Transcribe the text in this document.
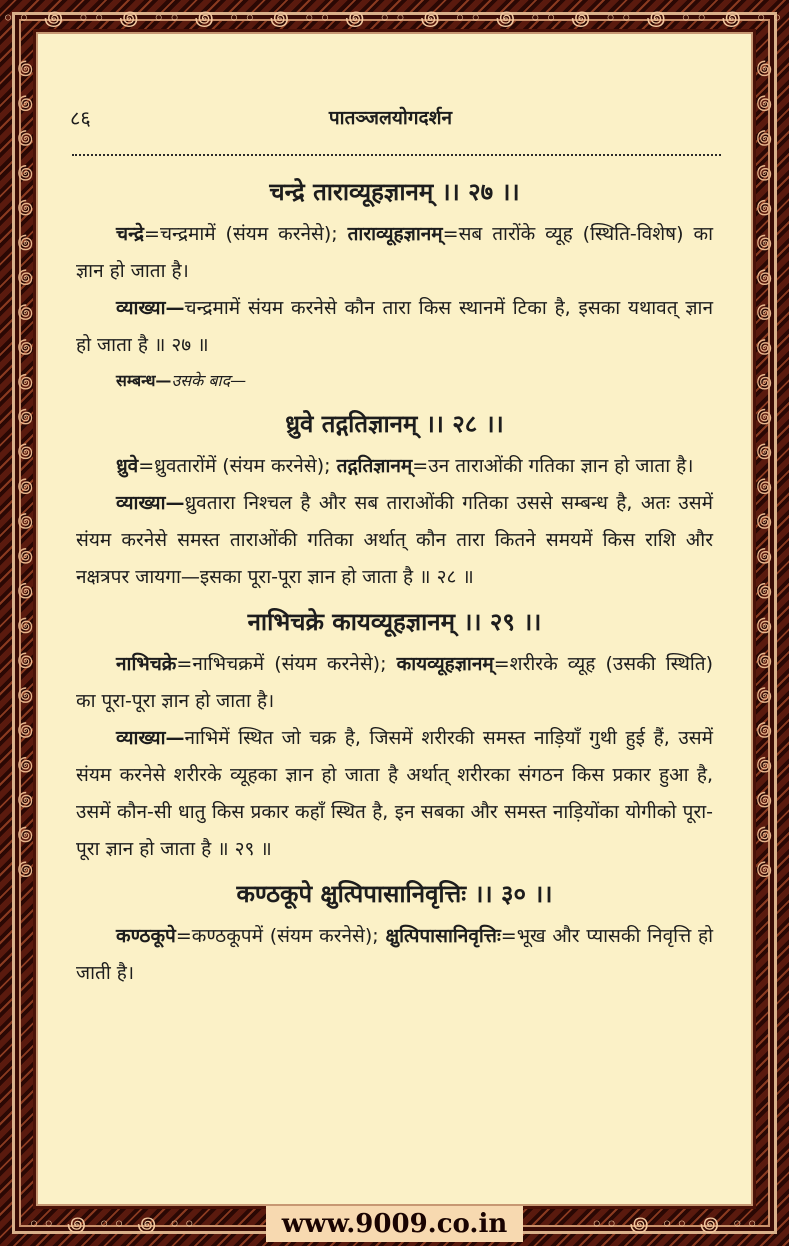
◦◦ ꩜ ◦◦ ꩜ ◦◦ ꩜ ◦◦ ꩜ ◦◦ ꩜ ◦◦ ꩜ ◦◦ ꩜ ◦◦ ꩜ ◦◦ ꩜ ◦◦ ꩜ ◦◦
꩜ ꩜ ꩜ ꩜ ꩜ ꩜ ꩜ ꩜ ꩜ ꩜ ꩜ ꩜ ꩜ ꩜ ꩜ ꩜ ꩜ ꩜ ꩜ ꩜ ꩜ ꩜ ꩜ ꩜	꩜ ꩜ ꩜ ꩜ ꩜ ꩜ ꩜ ꩜ ꩜ ꩜ ꩜ ꩜ ꩜ ꩜ ꩜ ꩜ ꩜ ꩜ ꩜ ꩜ ꩜ ꩜ ꩜ ꩜
८६	पातञ्जलयोगदर्शन
चन्द्रे ताराव्यूहज्ञानम् ।। २७ ।।

चन्द्रे=चन्द्रमामें (संयम करनेसे); ताराव्यूहज्ञानम्=सब तारोंके व्यूह (स्थिति-विशेष) का ज्ञान हो जाता है।

व्याख्या—चन्द्रमामें संयम करनेसे कौन तारा किस स्थानमें टिका है, इसका यथावत् ज्ञान हो जाता है ॥ २७ ॥

सम्बन्ध—उसके बाद—

ध्रुवे तद्गतिज्ञानम् ।। २८ ।।

ध्रुवे=ध्रुवतारोंमें (संयम करनेसे); तद्गतिज्ञानम्=उन ताराओंकी गतिका ज्ञान हो जाता है।

व्याख्या—ध्रुवतारा निश्चल है और सब ताराओंकी गतिका उससे सम्बन्ध है, अतः उसमें संयम करनेसे समस्त ताराओंकी गतिका अर्थात् कौन तारा कितने समयमें किस राशि और नक्षत्रपर जायगा—इसका पूरा-पूरा ज्ञान हो जाता है ॥ २८ ॥

नाभिचक्रे कायव्यूहज्ञानम् ।। २९ ।।

नाभिचक्रे=नाभिचक्रमें (संयम करनेसे); कायव्यूहज्ञानम्=शरीरके व्यूह (उसकी स्थिति) का पूरा-पूरा ज्ञान हो जाता है।

व्याख्या—नाभिमें स्थित जो चक्र है, जिसमें शरीरकी समस्त नाड़ियाँ गुथी हुई हैं, उसमें संयम करनेसे शरीरके व्यूहका ज्ञान हो जाता है अर्थात् शरीरका संगठन किस प्रकार हुआ है, उसमें कौन-सी धातु किस प्रकार कहाँ स्थित है, इन सबका और समस्त नाड़ियोंका योगीको पूरा-पूरा ज्ञान हो जाता है ॥ २९ ॥

कण्ठकूपे क्षुत्पिपासानिवृत्तिः ।। ३० ।।

कण्ठकूपे=कण्ठकूपमें (संयम करनेसे); क्षुत्पिपासानिवृत्तिः=भूख और प्यासकी निवृत्ति हो जाती है।

◦◦ ꩜ ◦◦ ꩜ ◦◦	www.9009.co.in	◦◦ ꩜ ◦◦ ꩜ ◦◦
